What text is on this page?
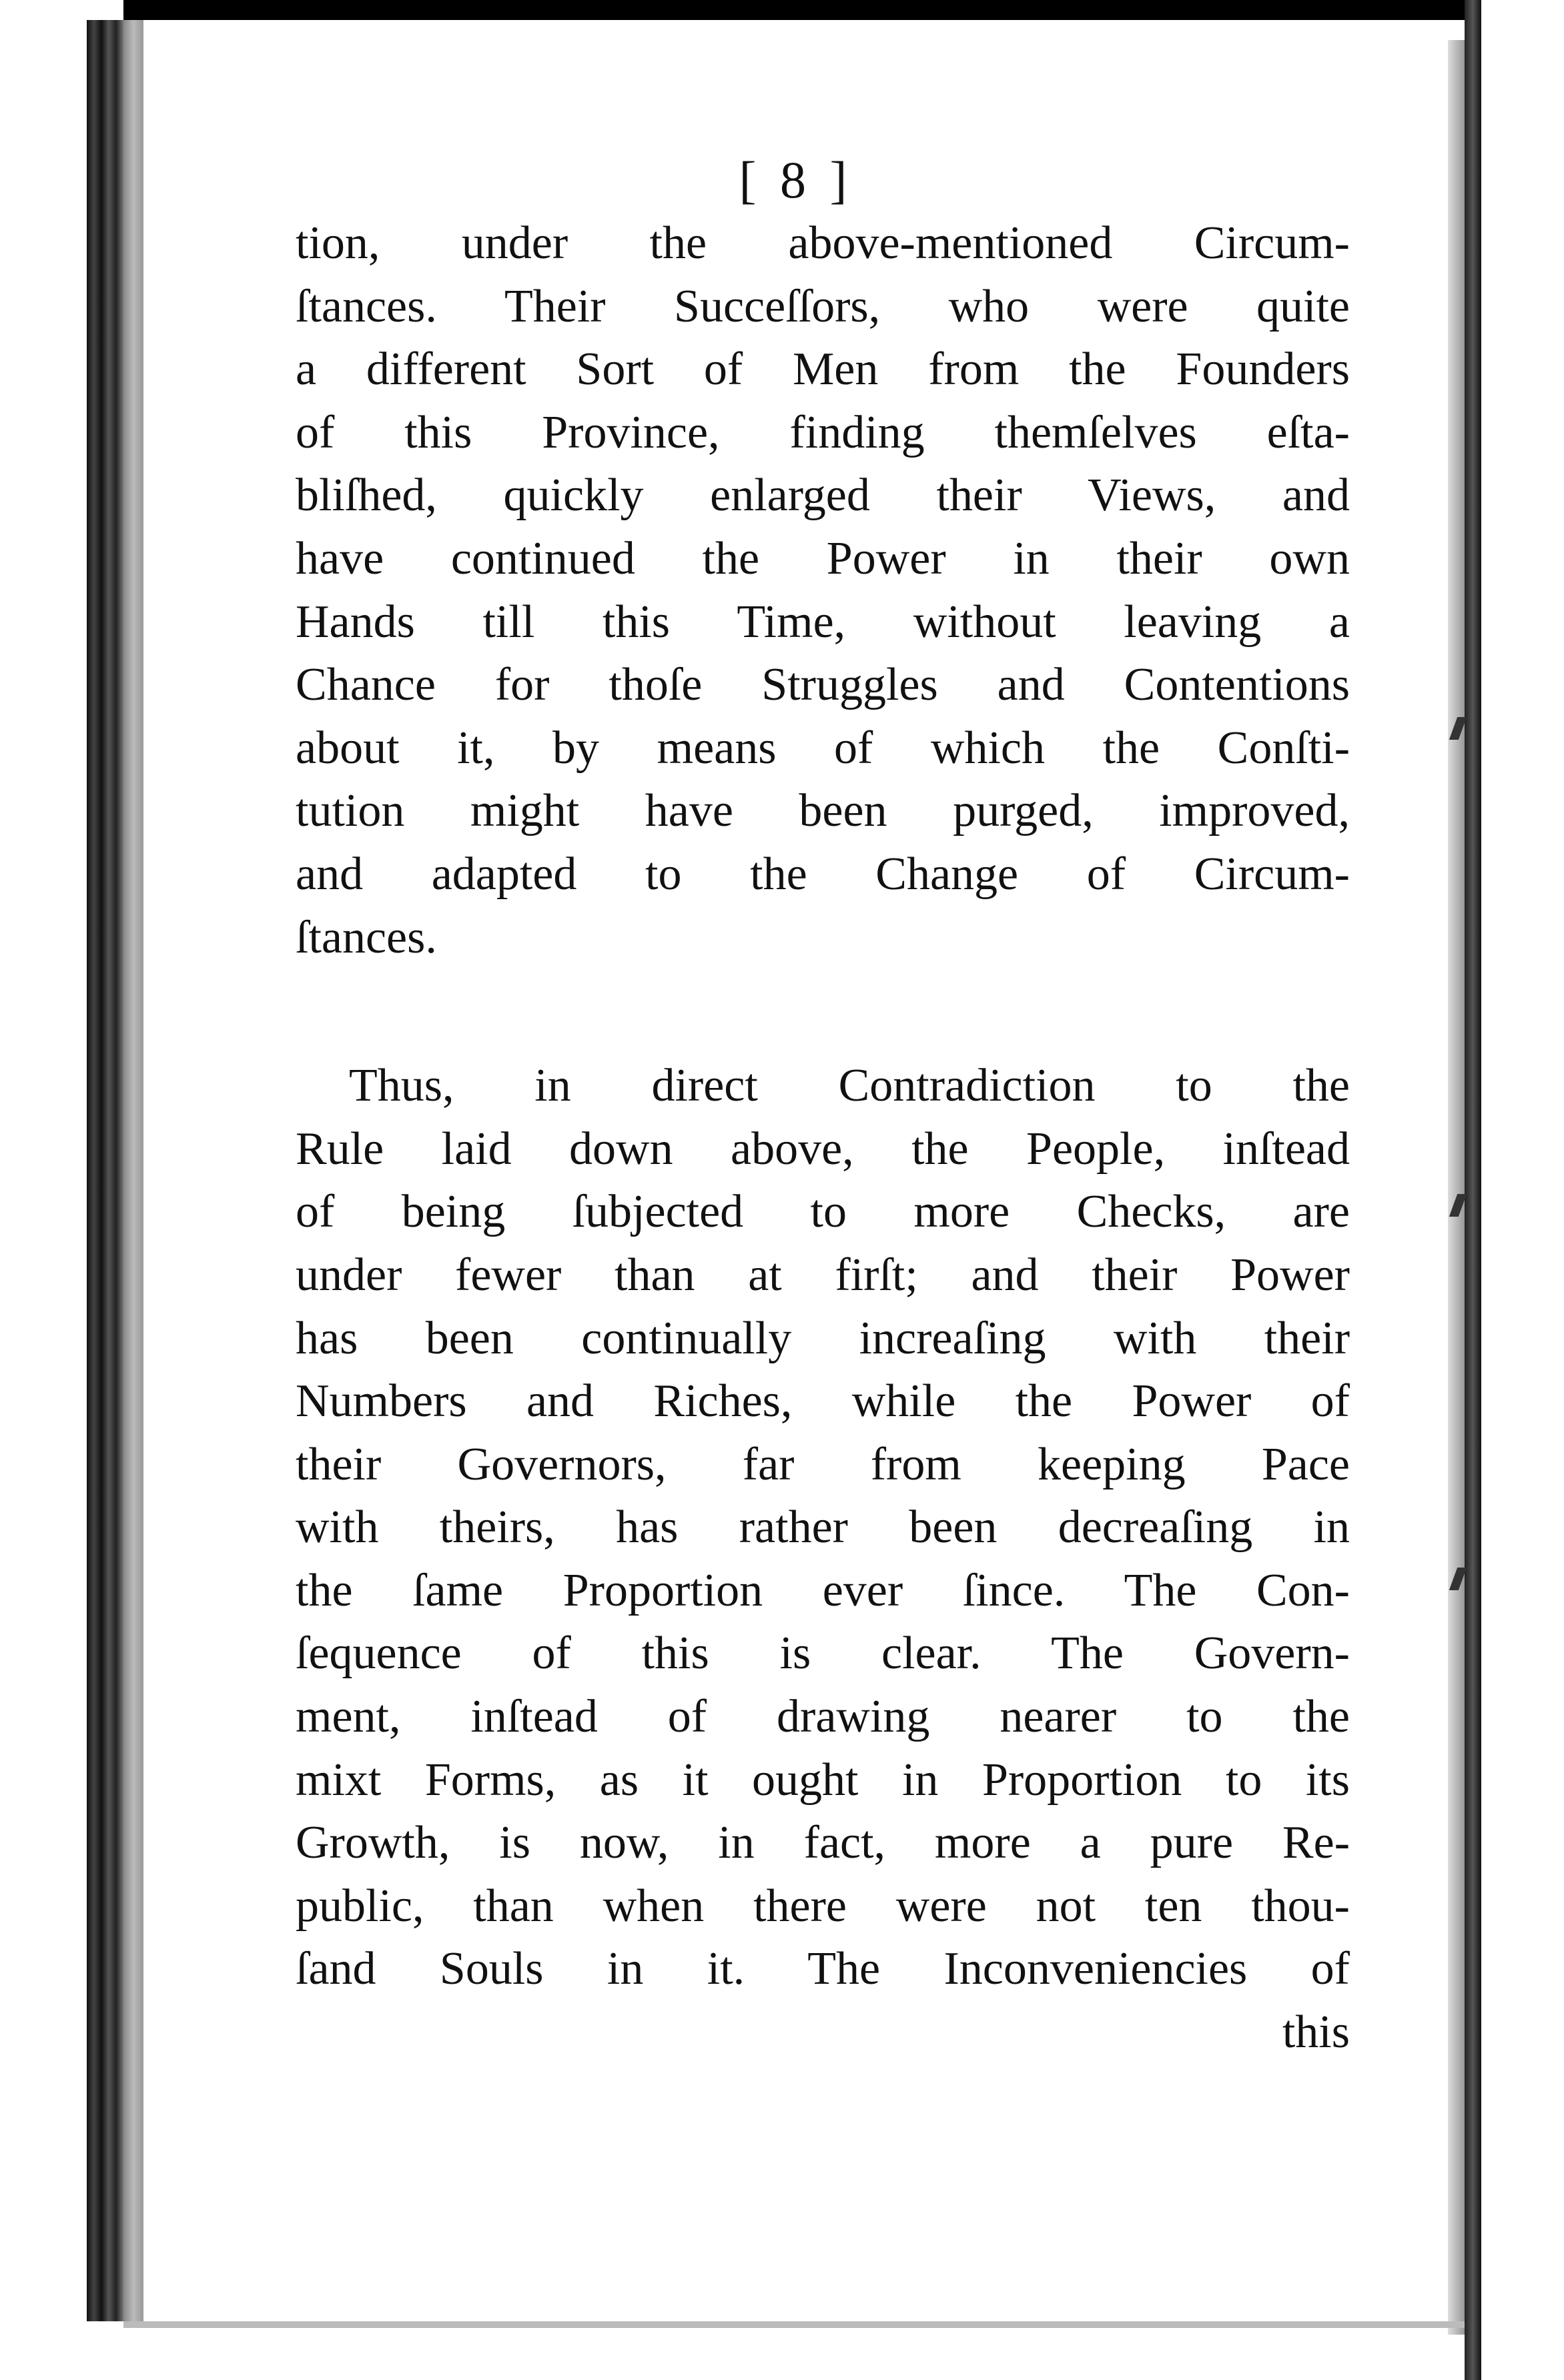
[ 8 ]
tion, under the above-mentioned Circum-
ſtances. Their Succeſſors, who were quite
a different Sort of Men from the Founders
of this Province, finding themſelves eſta-
bliſhed, quickly enlarged their Views, and
have continued the Power in their own
Hands till this Time, without leaving a
Chance for thoſe Struggles and Contentions
about it, by means of which the Conſti-
tution might have been purged, improved,
and adapted to the Change of Circum-
ſtances.
Thus, in direct Contradiction to the
Rule laid down above, the People, inſtead
of being ſubjected to more Checks, are
under fewer than at firſt; and their Power
has been continually increaſing with their
Numbers and Riches, while the Power of
their Governors, far from keeping Pace
with theirs, has rather been decreaſing in
the ſame Proportion ever ſince. The Con-
ſequence of this is clear. The Govern-
ment, inſtead of drawing nearer to the
mixt Forms, as it ought in Proportion to its
Growth, is now, in fact, more a pure Re-
public, than when there were not ten thou-
ſand Souls in it. The Inconveniencies of
this
